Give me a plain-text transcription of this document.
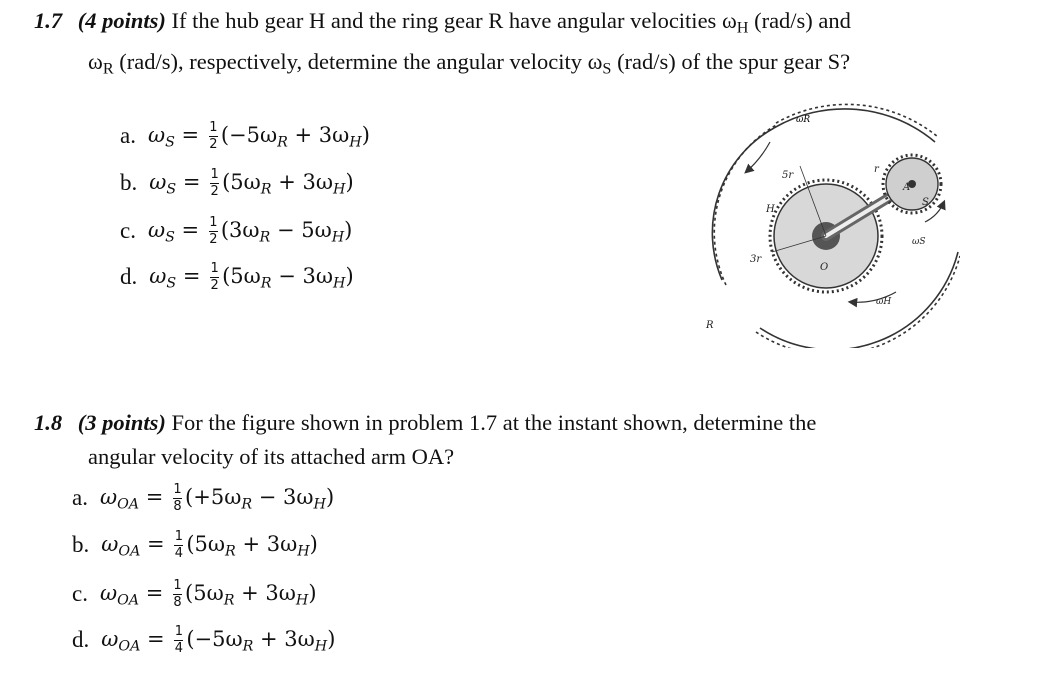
1.7 (4 points) If the hub gear H and the ring gear R have angular velocities $\omega_H$ (rad/s) and
$\omega_R$ (rad/s), respectively, determine the angular velocity $\omega_S$ (rad/s) of the spur gear S?
a. $\omega_S = \frac{1}{2} (-5\omega_R + 3\omega_H)$
b. $\omega_S = \frac{1}{2} (5\omega_R + 3\omega_H)$
c. $\omega_S = \frac{1}{2} (3\omega_R - 5\omega_H)$
d. $\omega_S = \frac{1}{2} (5\omega_R - 3\omega_H)$
ωR
5r
r
H
A
S
ωS
3r
O
ωH
R
1.8 (3 points) For the figure shown in problem 1.7 at the instant shown, determine the
angular velocity of its attached arm OA?
a. $\omega_{OA} = \frac{1}{8} (+5\omega_R - 3\omega_H)$
b. $\omega_{OA} = \frac{1}{4} (5\omega_R + 3\omega_H)$
c. $\omega_{OA} = \frac{1}{8} (5\omega_R + 3\omega_H)$
d. $\omega_{OA} = \frac{1}{4} (-5\omega_R + 3\omega_H)$
